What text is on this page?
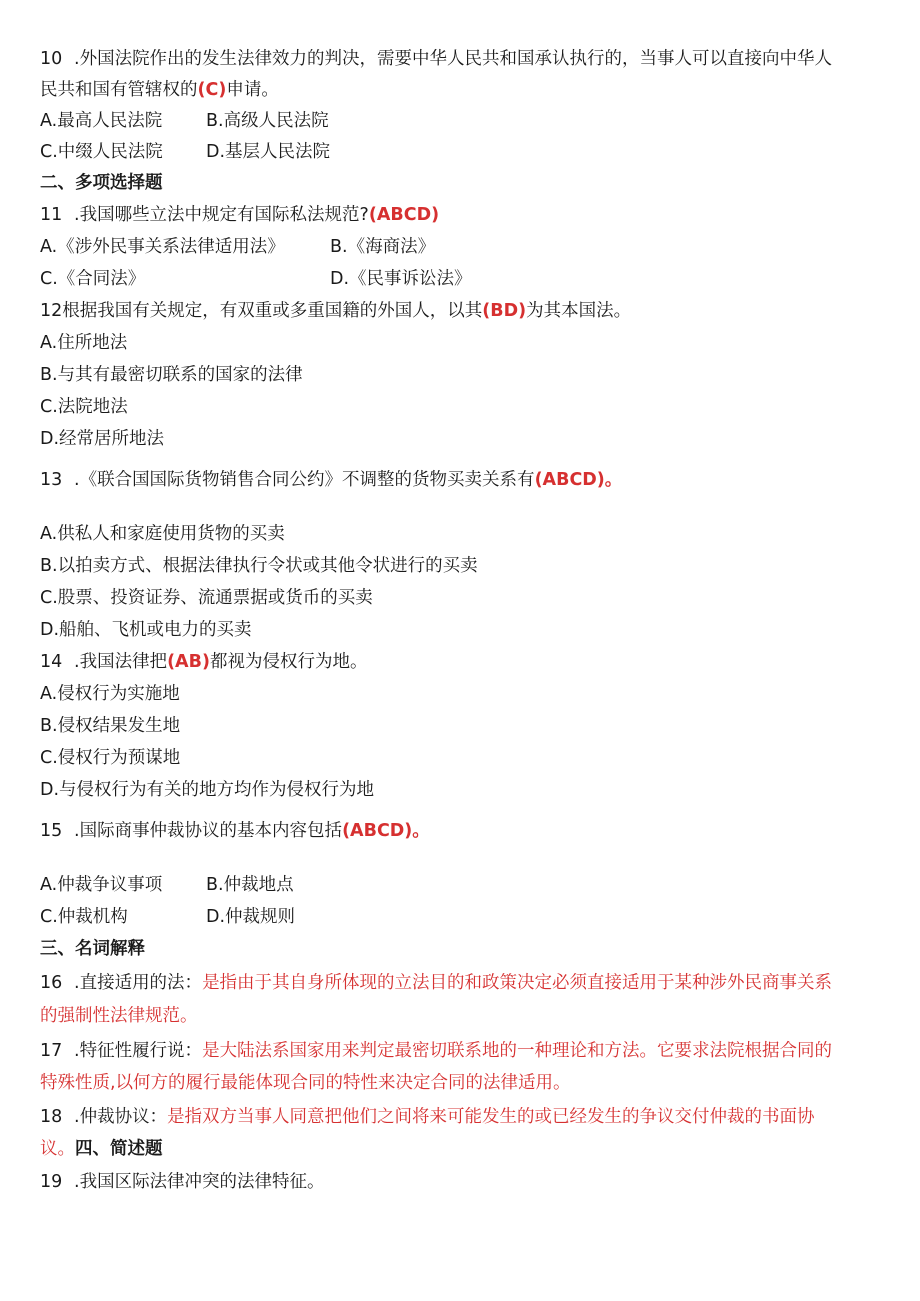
10 .外国法院作出的发生法律效力的判决，需要中华人民共和国承认执行的，当事人可以直接向中华人
民共和国有管辖权的(C)申请。
A.最高人民法院	B.高级人民法院
C.中缀人民法院 D.基层人民法院
二、多项选择题
11 .我国哪些立法中规定有国际私法规范?(ABCD)
A.《涉外民事关系法律适用法》	B.《海商法》
C.《合同法》	D.《民事诉讼法》
12根据我国有关规定，有双重或多重国籍的外国人，以其(BD)为其本国法。
A.住所地法
B.与其有最密切联系的国家的法律
C.法院地法
D.经常居所地法
13 .《联合国国际货物销售合同公约》不调整的货物买卖关系有(ABCD)。
A.供私人和家庭使用货物的买卖
B.以拍卖方式、根据法律执行令状或其他令状进行的买卖
C.股票、投资证券、流通票据或货币的买卖
D.船舶、飞机或电力的买卖
14 .我国法律把(AB)都视为侵权行为地。
A.侵权行为实施地
B.侵权结果发生地
C.侵权行为预谋地
D.与侵权行为有关的地方均作为侵权行为地
15 .国际商事仲裁协议的基本内容包括(ABCD)。
A.仲裁争议事项	B.仲裁地点
C.仲裁机构	D.仲裁规则
三、名词解释
16 .直接适用的法：是指由于其自身所体现的立法目的和政策决定必须直接适用于某种涉外民商事关系
的强制性法律规范。
17 .特征性履行说：是大陆法系国家用来判定最密切联系地的一种理论和方法。它要求法院根据合同的
特殊性质,以何方的履行最能体现合同的特性来决定合同的法律适用。
18 .仲裁协议：是指双方当事人同意把他们之间将来可能发生的或已经发生的争议交付仲裁的书面协
议。四、简述题
19 .我国区际法律冲突的法律特征。
